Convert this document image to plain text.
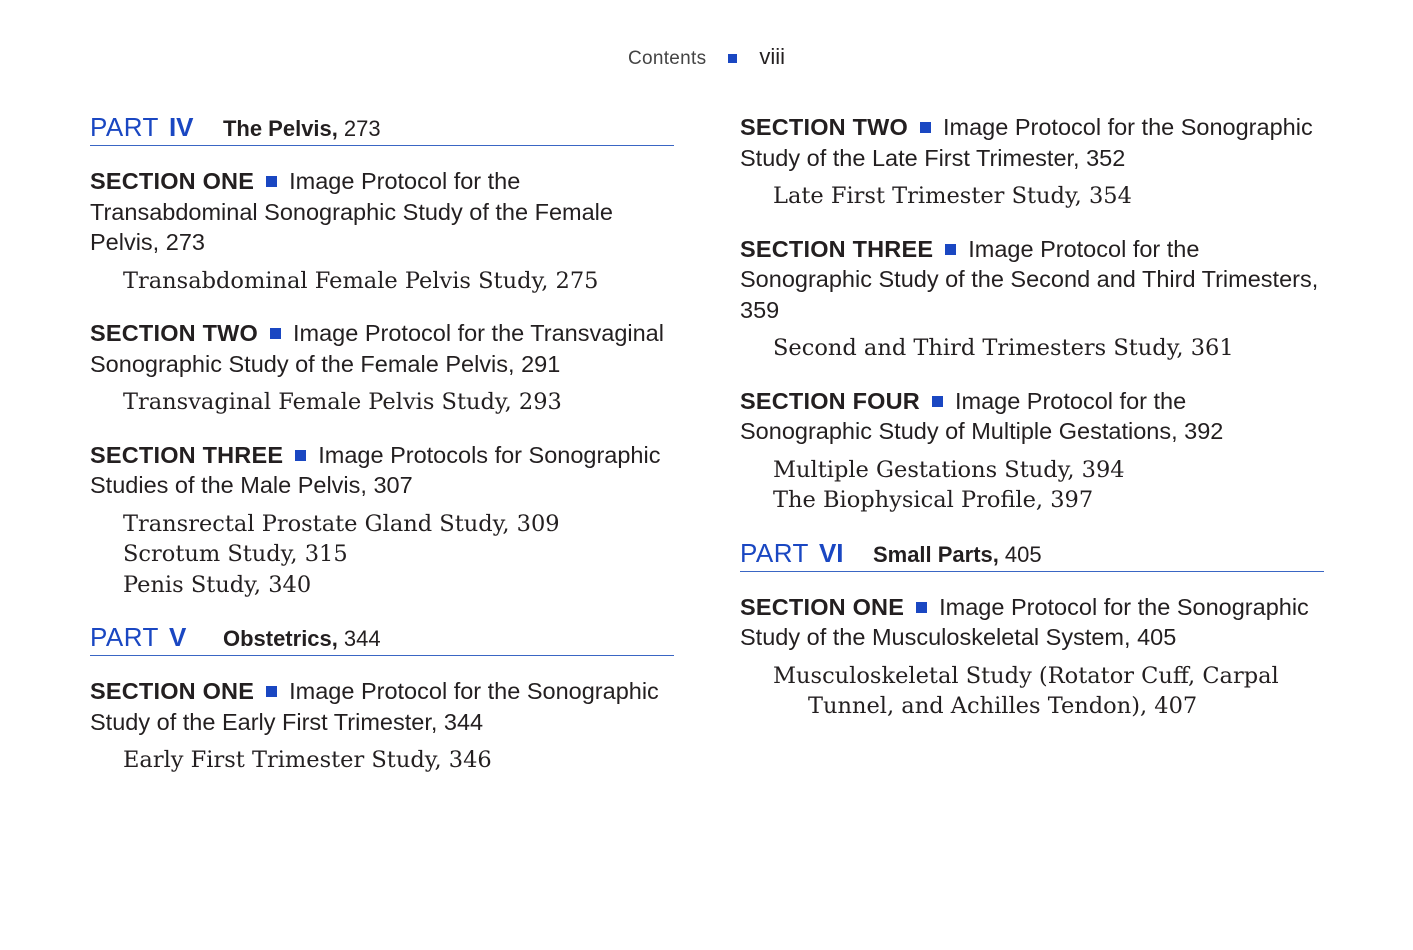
Contents viii
PART IV	The Pelvis, 273
SECTION ONE Image Protocol for the Transabdominal Sonographic Study of the Female Pelvis, 273
Transabdominal Female Pelvis Study, 275
SECTION TWO Image Protocol for the Transvaginal Sonographic Study of the Female Pelvis, 291
Transvaginal Female Pelvis Study, 293
SECTION THREE Image Protocols for Sonographic Studies of the Male Pelvis, 307
Transrectal Prostate Gland Study, 309
Scrotum Study, 315
Penis Study, 340
PART V	Obstetrics, 344
SECTION ONE Image Protocol for the Sonographic Study of the Early First Trimester, 344
Early First Trimester Study, 346
SECTION TWO Image Protocol for the Sonographic Study of the Late First Trimester, 352
Late First Trimester Study, 354
SECTION THREE Image Protocol for the Sonographic Study of the Second and Third Trimesters, 359
Second and Third Trimesters Study, 361
SECTION FOUR Image Protocol for the Sonographic Study of Multiple Gestations, 392
Multiple Gestations Study, 394
The Biophysical Profile, 397
PART VI	Small Parts, 405
SECTION ONE Image Protocol for the Sonographic Study of the Musculoskeletal System, 405
Musculoskeletal Study (Rotator Cuff, Carpal Tunnel, and Achilles Tendon), 407
